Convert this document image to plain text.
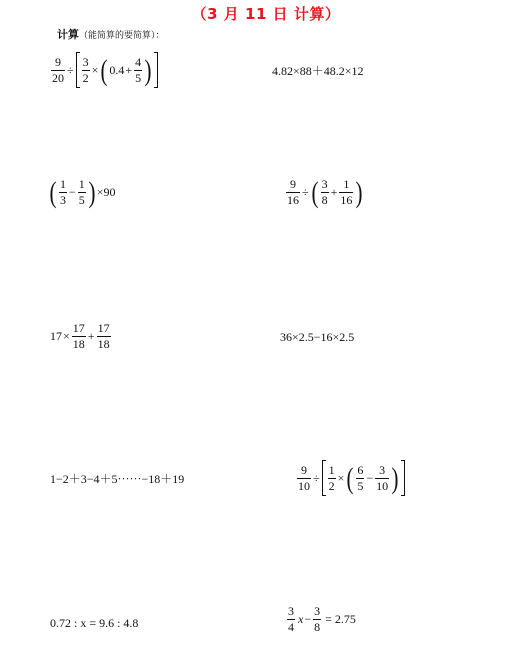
（3 月 11 日 计算）
计算（能简算的要简算）：
$\frac{9}{20} \div \frac{3}{2}$ × ( $0.4 + \frac{4}{5}$ )	4.82×88＋48.2×12
( $\frac{1}{3} - \frac{1}{5}$ ) ×90	$\frac{9}{16}$ ÷ ( $\frac{3}{8} + \frac{1}{16}$ )
$17 \times \frac{17}{18} + \frac{17}{18}$	36×2.5−16×2.5
1−2＋3−4＋5⋯⋯−18＋19	$\frac{9}{10} \div \frac{1}{2}$ × ( $\frac{6}{5} - \frac{3}{10}$ )
0.72 : x = 9.6 : 4.8	$\frac{3}{4}$ $x - \frac{3}{8} = 2.75$
